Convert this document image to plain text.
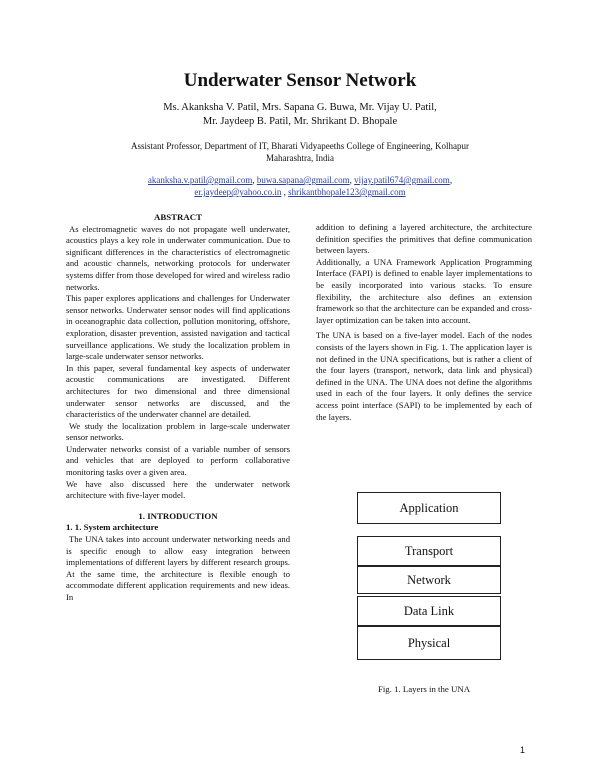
Underwater Sensor Network
Ms. Akanksha V. Patil, Mrs. Sapana G. Buwa, Mr. Vijay U. Patil,
Mr. Jaydeep B. Patil, Mr. Shrikant D. Bhopale
Assistant Professor, Department of IT, Bharati Vidyapeeths College of Engineering, Kolhapur
Maharashtra, India
akanksha.v.patil@gmail.com, buwa.sapana@gmail.com, vijay.patil674@gmail.com,
er.jaydeep@yahoo.co.in , shrikantbhopale123@gmail.com

ABSTRACT

As electromagnetic waves do not propagate well underwater, acoustics plays a key role in underwater communication. Due to significant differences in the characteristics of electromagnetic and acoustic channels, networking protocols for underwater systems differ from those developed for wired and wireless radio networks.

This paper explores applications and challenges for Underwater sensor networks. Underwater sensor nodes will find applications in oceanographic data collection, pollution monitoring, offshore, exploration, disaster prevention, assisted navigation and tactical surveillance applications. We study the localization problem in large-scale underwater sensor networks.

In this paper, several fundamental key aspects of underwater acoustic communications are investigated. Different architectures for two dimensional and three dimensional underwater sensor networks are discussed, and the characteristics of the underwater channel are detailed.

We study the localization problem in large-scale underwater sensor networks.

Underwater networks consist of a variable number of sensors and vehicles that are deployed to perform collaborative monitoring tasks over a given area.

We have also discussed here the underwater network architecture with five-layer model.

1. INTRODUCTION

1. 1. System architecture

The UNA takes into account underwater networking needs and is specific enough to allow easy integration between implementations of different layers by different research groups. At the same time, the architecture is flexible enough to accommodate different application requirements and new ideas. In

addition to defining a layered architecture, the architecture definition specifies the primitives that define communication between layers.

Additionally, a UNA Framework Application Programming Interface (FAPI) is defined to enable layer implementations to be easily incorporated into various stacks. To ensure flexibility, the architecture also defines an extension framework so that the architecture can be expanded and cross-layer optimization can be taken into account.

The UNA is based on a five-layer model. Each of the nodes consists of the layers shown in Fig. 1. The application layer is not defined in the UNA specifications, but is rather a client of the four layers (transport, network, data link and physical) defined in the UNA. The UNA does not define the algorithms used in each of the four layers. It only defines the service access point interface (SAPI) to be implemented by each of the layers.

Application
Transport
Network
Data Link
Physical
Fig. 1. Layers in the UNA
1
